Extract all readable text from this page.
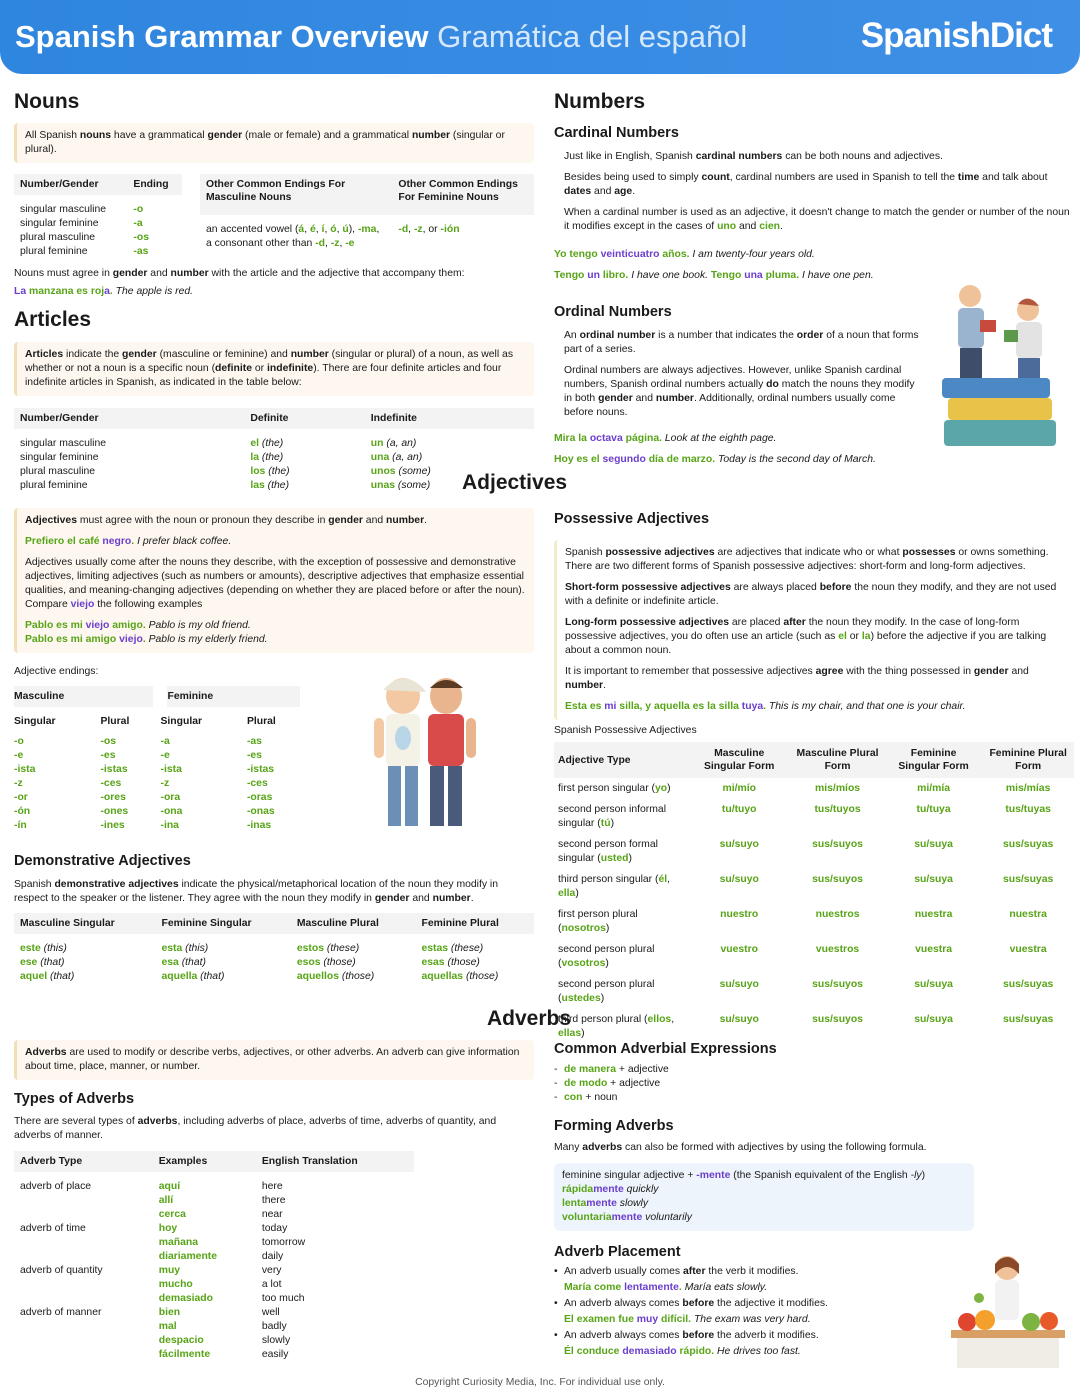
Spanish Grammar Overview Gramática del español	SpanishDict
Nouns

All Spanish nouns have a grammatical gender (male or female) and a grammatical number (singular or plural).

Number/Gender	Ending
singular masculine	-o
singular feminine	-a
plural masculine	-os
plural feminine	-as
Other Common Endings For Masculine Nouns	Other Common Endings For Feminine Nouns
an accented vowel (á, é, í, ó, ú), -ma, a consonant other than -d, -z, -e	-d, -z, or -ión

Nouns must agree in gender and number with the article and the adjective that accompany them:

La manzana es roja. The apple is red.

Articles

Articles indicate the gender (masculine or feminine) and number (singular or plural) of a noun, as well as whether or not a noun is a specific noun (definite or indefinite). There are four definite articles and four indefinite articles in Spanish, as indicated in the table below:

Number/Gender	Definite	Indefinite
singular masculine	el (the)	un (a, an)
singular feminine	la (the)	una (a, an)
plural masculine	los (the)	unos (some)
plural feminine	las (the)	unas (some) Adjectives

Adjectives must agree with the noun or pronoun they describe in gender and number.

Prefiero el café negro. I prefer black coffee.

Adjectives usually come after the nouns they describe, with the exception of possessive and demonstrative adjectives, limiting adjectives (such as numbers or amounts), descriptive adjectives that emphasize essential qualities, and meaning-changing adjectives (depending on whether they are placed before or after the noun). Compare viejo the following examples

Pablo es mi viejo amigo. Pablo is my old friend.

Pablo es mi amigo viejo. Pablo is my elderly friend.

Adjective endings:

Masculine		Feminine	
Singular	Plural	Singular	Plural
-o	-os	-a	-as
-e	-es	-e	-es
-ista	-istas	-ista	-istas
-z	-ces	-z	-ces
-or	-ores	-ora	-oras
-ón	-ones	-ona	-onas
-ín	-ines	-ina	-inas
Demonstrative Adjectives

Spanish demonstrative adjectives indicate the physical/metaphorical location of the noun they modify in respect to the speaker or the listener. They agree with the noun they modify in gender and number.

Masculine Singular	Feminine Singular	Masculine Plural	Feminine Plural
este (this)	esta (this)	estos (these)	estas (these)
ese (that)	esa (that)	esos (those)	esas (those)
aquel (that)	aquella (that)	aquellos (those)	aquellas (those)
Numbers
Cardinal Numbers

Just like in English, Spanish cardinal numbers can be both nouns and adjectives.

Besides being used to simply count, cardinal numbers are used in Spanish to tell the time and talk about dates and age.

When a cardinal number is used as an adjective, it doesn't change to match the gender or number of the noun it modifies except in the cases of uno and cien.

Yo tengo veinticuatro años. I am twenty-four years old.

Tengo un libro. I have one book. Tengo una pluma. I have one pen.

Ordinal Numbers

An ordinal number is a number that indicates the order of a noun that forms part of a series.

Ordinal numbers are always adjectives. However, unlike Spanish cardinal numbers, Spanish ordinal numbers actually do match the nouns they modify in both gender and number. Additionally, ordinal numbers usually come before nouns.

Mira la octava página. Look at the eighth page.

Hoy es el segundo día de marzo. Today is the second day of March.

Possessive Adjectives

Spanish possessive adjectives are adjectives that indicate who or what possesses or owns something. There are two different forms of Spanish possessive adjectives: short-form and long-form adjectives.

Short-form possessive adjectives are always placed before the noun they modify, and they are not used with a definite or indefinite article.

Long-form possessive adjectives are placed after the noun they modify. In the case of long-form possessive adjectives, you do often use an article (such as el or la) before the adjective if you are talking about a common noun.

It is important to remember that possessive adjectives agree with the thing possessed in gender and number.

Esta es mi silla, y aquella es la silla tuya. This is my chair, and that one is your chair.

Spanish Possessive Adjectives

Adjective Type	Masculine Singular Form	Masculine Plural Form	Feminine Singular Form	Feminine Plural Form
first person singular (yo)	mi/mío	mis/míos	mi/mía	mis/mías
second person informal singular (tú)	tu/tuyo	tus/tuyos	tu/tuya	tus/tuyas
second person formal singular (usted)	su/suyo	sus/suyos	su/suya	sus/suyas
third person singular (él, ella)	su/suyo	sus/suyos	su/suya	sus/suyas
first person plural (nosotros)	nuestro	nuestros	nuestra	nuestra
second person plural (vosotros)	vuestro	vuestros	vuestra	vuestra
second person plural (ustedes)	su/suyo	sus/suyos	su/suya	sus/suyas
third person plural (ellos, ellas)	su/suyo	sus/suyos	su/suya	sus/suyas
Adverbs

Adverbs are used to modify or describe verbs, adjectives, or other adverbs. An adverb can give information about time, place, manner, or number.

Types of Adverbs

There are several types of adverbs, including adverbs of place, adverbs of time, adverbs of quantity, and adverbs of manner.

Adverb Type	Examples	English Translation
adverb of place	aquí	here
	allí	there
	cerca	near
adverb of time	hoy	today
	mañana	tomorrow
	diariamente	daily
adverb of quantity	muy	very
	mucho	a lot
	demasiado	too much
adverb of manner	bien	well
	mal	badly
	despacio	slowly
	fácilmente	easily
Common Adverbial Expressions
- de manera + adjective
- de modo + adjective
- con + noun
Forming Adverbs

Many adverbs can also be formed with adjectives by using the following formula.

feminine singular adjective + -mente (the Spanish equivalent of the English -ly)
rápidamente quickly
lentamente slowly
voluntariamente voluntarily
Adverb Placement
• An adverb usually comes after the verb it modifies.
María come lentamente. María eats slowly.
• An adverb always comes before the adjective it modifies.
El examen fue muy difícil. The exam was very hard.
• An adverb always comes before the adverb it modifies.
Él conduce demasiado rápido. He drives too fast.
Copyright Curiosity Media, Inc. For individual use only.
